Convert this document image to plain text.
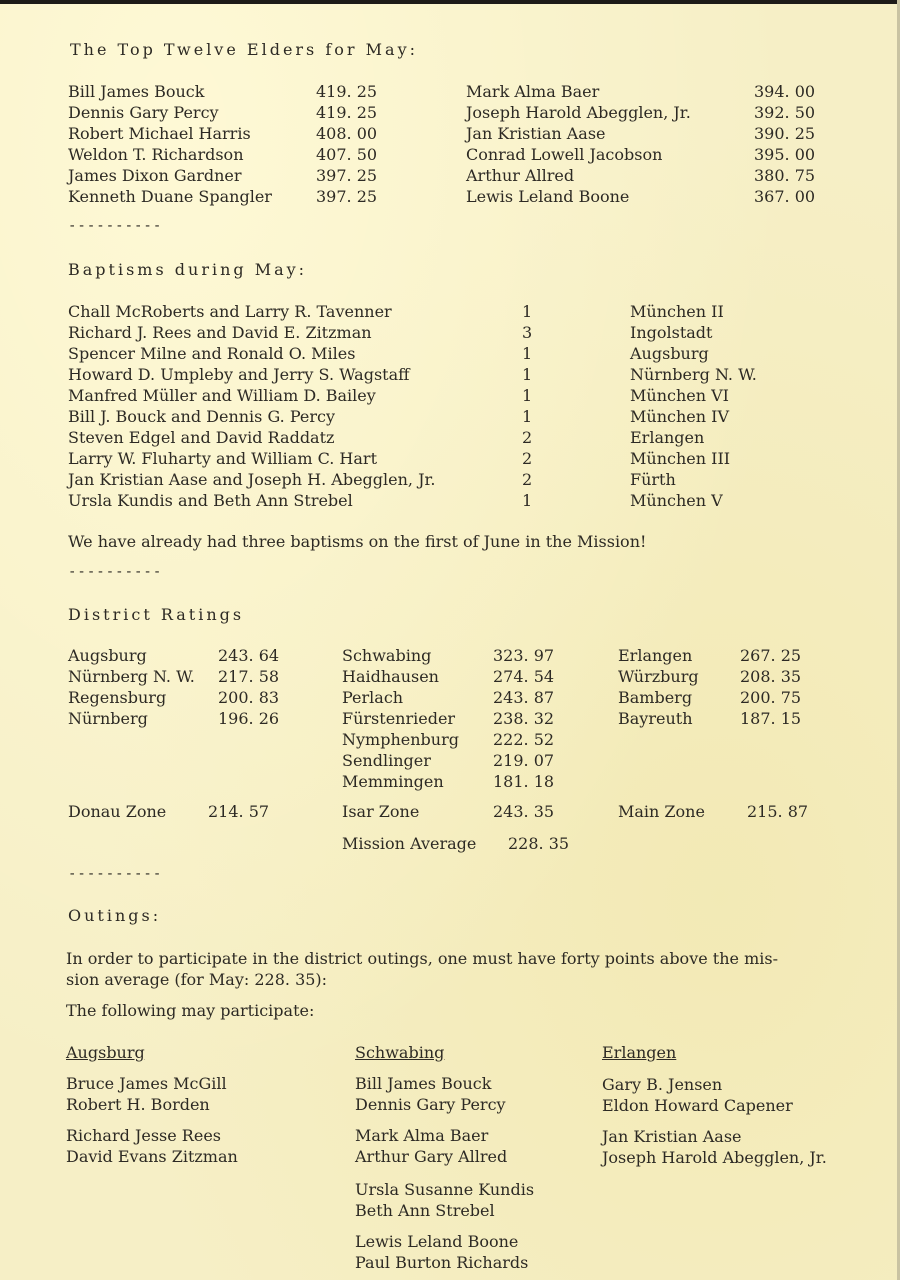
The Top Twelve Elders for May:
Bill James Bouck	419. 25
Dennis Gary Percy	419. 25
Robert Michael Harris	408. 00
Weldon T. Richardson	407. 50
James Dixon Gardner	397. 25
Kenneth Duane Spangler	397. 25
Mark Alma Baer	394. 00
Joseph Harold Abegglen, Jr.	392. 50
Jan Kristian Aase	390. 25
Conrad Lowell Jacobson	395. 00
Arthur Allred	380. 75
Lewis Leland Boone	367. 00
----------
Baptisms during May:
Chall McRoberts and Larry R. Tavenner	1	München II
Richard J. Rees and David E. Zitzman	3	Ingolstadt
Spencer Milne and Ronald O. Miles	1	Augsburg
Howard D. Umpleby and Jerry S. Wagstaff	1	Nürnberg N. W.
Manfred Müller and William D. Bailey	1	München VI
Bill J. Bouck and Dennis G. Percy	1	München IV
Steven Edgel and David Raddatz	2	Erlangen
Larry W. Fluharty and William C. Hart	2	München III
Jan Kristian Aase and Joseph H. Abegglen, Jr.	2	Fürth
Ursla Kundis and Beth Ann Strebel	1	München V
We have already had three baptisms on the first of June in the Mission!
----------
District Ratings
Augsburg	243. 64
Nürnberg N. W. 217. 58
Regensburg	200. 83
Nürnberg	196. 26
Schwabing	323. 97
Haidhausen	274. 54
Perlach	243. 87
Fürstenrieder 238. 32
Nymphenburg 222. 52
Sendlinger	219. 07
Memmingen	181. 18
Erlangen	267. 25
Würzburg	208. 35
Bamberg	200. 75
Bayreuth	187. 15
Donau Zone	214. 57	Isar Zone	243. 35	Main Zone	215. 87
Mission Average 228. 35
----------
Outings:
In order to participate in the district outings, one must have forty points above the mis-
sion average (for May: 228. 35):
The following may participate:
Augsburg
Bruce James McGill
Robert H. Borden
Richard Jesse Rees
David Evans Zitzman
Schwabing
Bill James Bouck
Dennis Gary Percy
Mark Alma Baer
Arthur Gary Allred
Ursla Susanne Kundis
Beth Ann Strebel
Lewis Leland Boone
Paul Burton Richards
Erlangen
Gary B. Jensen
Eldon Howard Capener
Jan Kristian Aase
Joseph Harold Abegglen, Jr.
